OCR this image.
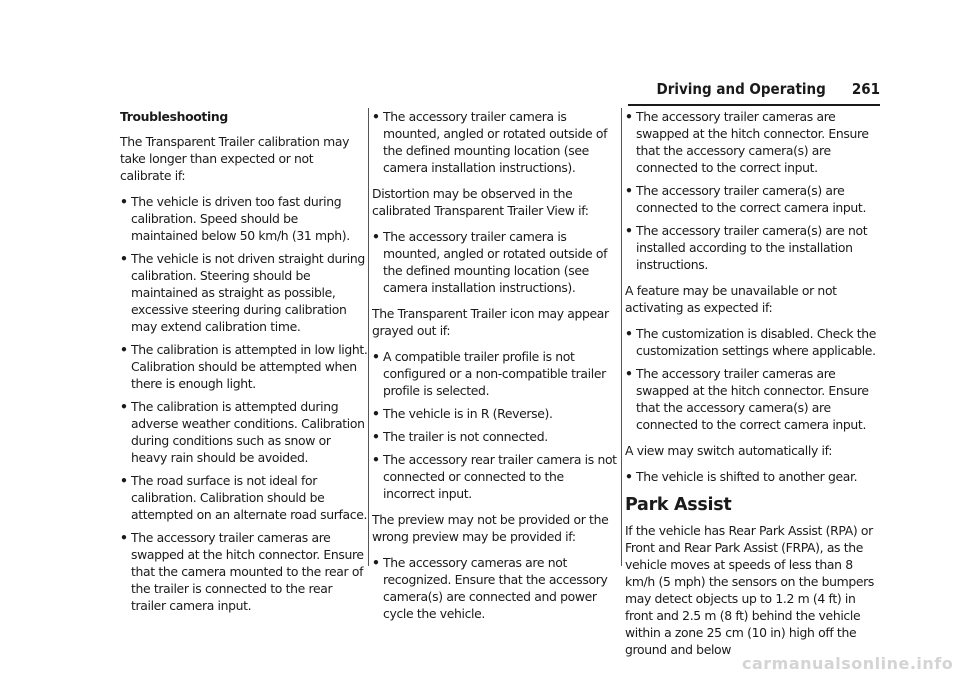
Driving and Operating 261

Troubleshooting

The Transparent Trailer calibration may take longer than expected or not calibrate if:

• The vehicle is driven too fast during calibration. Speed should be maintained below 50 km/h (31 mph).
• The vehicle is not driven straight during calibration. Steering should be maintained as straight as possible, excessive steering during calibration may extend calibration time.
• The calibration is attempted in low light. Calibration should be attempted when there is enough light.
• The calibration is attempted during adverse weather conditions. Calibration during conditions such as snow or heavy rain should be avoided.
• The road surface is not ideal for calibration. Calibration should be attempted on an alternate road surface.
• The accessory trailer cameras are swapped at the hitch connector. Ensure that the camera mounted to the rear of the trailer is connected to the rear trailer camera input.
• The accessory trailer camera is mounted, angled or rotated outside of the defined mounting location (see camera installation instructions).

Distortion may be observed in the calibrated Transparent Trailer View if:

• The accessory trailer camera is mounted, angled or rotated outside of the defined mounting location (see camera installation instructions).

The Transparent Trailer icon may appear grayed out if:

• A compatible trailer profile is not configured or a non-compatible trailer profile is selected.
• The vehicle is in R (Reverse).
• The trailer is not connected.
• The accessory rear trailer camera is not connected or connected to the incorrect input.

The preview may not be provided or the wrong preview may be provided if:

• The accessory cameras are not recognized. Ensure that the accessory camera(s) are connected and power cycle the vehicle.
• The accessory trailer cameras are swapped at the hitch connector. Ensure that the accessory camera(s) are connected to the correct input.
• The accessory trailer camera(s) are connected to the correct camera input.
• The accessory trailer camera(s) are not installed according to the installation instructions.

A feature may be unavailable or not activating as expected if:

• The customization is disabled. Check the customization settings where applicable.
• The accessory trailer cameras are swapped at the hitch connector. Ensure that the accessory camera(s) are connected to the correct camera input.

A view may switch automatically if:

• The vehicle is shifted to another gear.
Park Assist

If the vehicle has Rear Park Assist (RPA) or Front and Rear Park Assist (FRPA), as the vehicle moves at speeds of less than 8 km/h (5 mph) the sensors on the bumpers may detect objects up to 1.2 m (4 ft) in front and 2.5 m (8 ft) behind the vehicle within a zone 25 cm (10 in) high off the ground and below

carmanualsonline.info
